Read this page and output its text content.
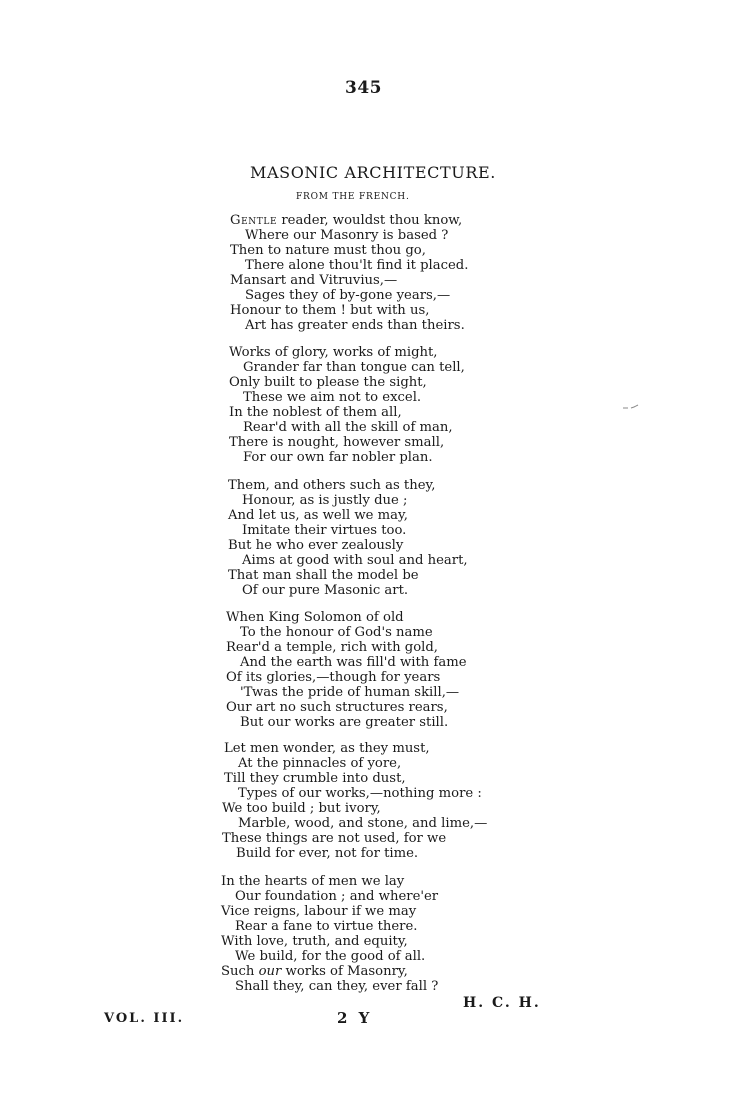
345
MASONIC ARCHITECTURE.
FROM THE FRENCH.
Gentle reader, wouldst thou know,
Where our Masonry is based ?
Then to nature must thou go,
There alone thou'lt find it placed.
Mansart and Vitruvius,—
Sages they of by-gone years,—
Honour to them ! but with us,
Art has greater ends than theirs.
Works of glory, works of might,
Grander far than tongue can tell,
Only built to please the sight,
These we aim not to excel.
In the noblest of them all,
Rear'd with all the skill of man,
There is nought, however small,
For our own far nobler plan.
Them, and others such as they,
Honour, as is justly due ;
And let us, as well we may,
Imitate their virtues too.
But he who ever zealously
Aims at good with soul and heart,
That man shall the model be
Of our pure Masonic art.
When King Solomon of old
To the honour of God's name
Rear'd a temple, rich with gold,
And the earth was fill'd with fame
Of its glories,—though for years
'Twas the pride of human skill,—
Our art no such structures rears,
But our works are greater still.
Let men wonder, as they must,
At the pinnacles of yore,
Till they crumble into dust,
Types of our works,—nothing more :
We too build ; but ivory,
Marble, wood, and stone, and lime,—
These things are not used, for we
Build for ever, not for time.
In the hearts of men we lay
Our foundation ; and where'er
Vice reigns, labour if we may
Rear a fane to virtue there.
With love, truth, and equity,
We build, for the good of all.
Such our works of Masonry,
Shall they, can they, ever fall ?
H. C. H.
VOL. III.	2 Y
